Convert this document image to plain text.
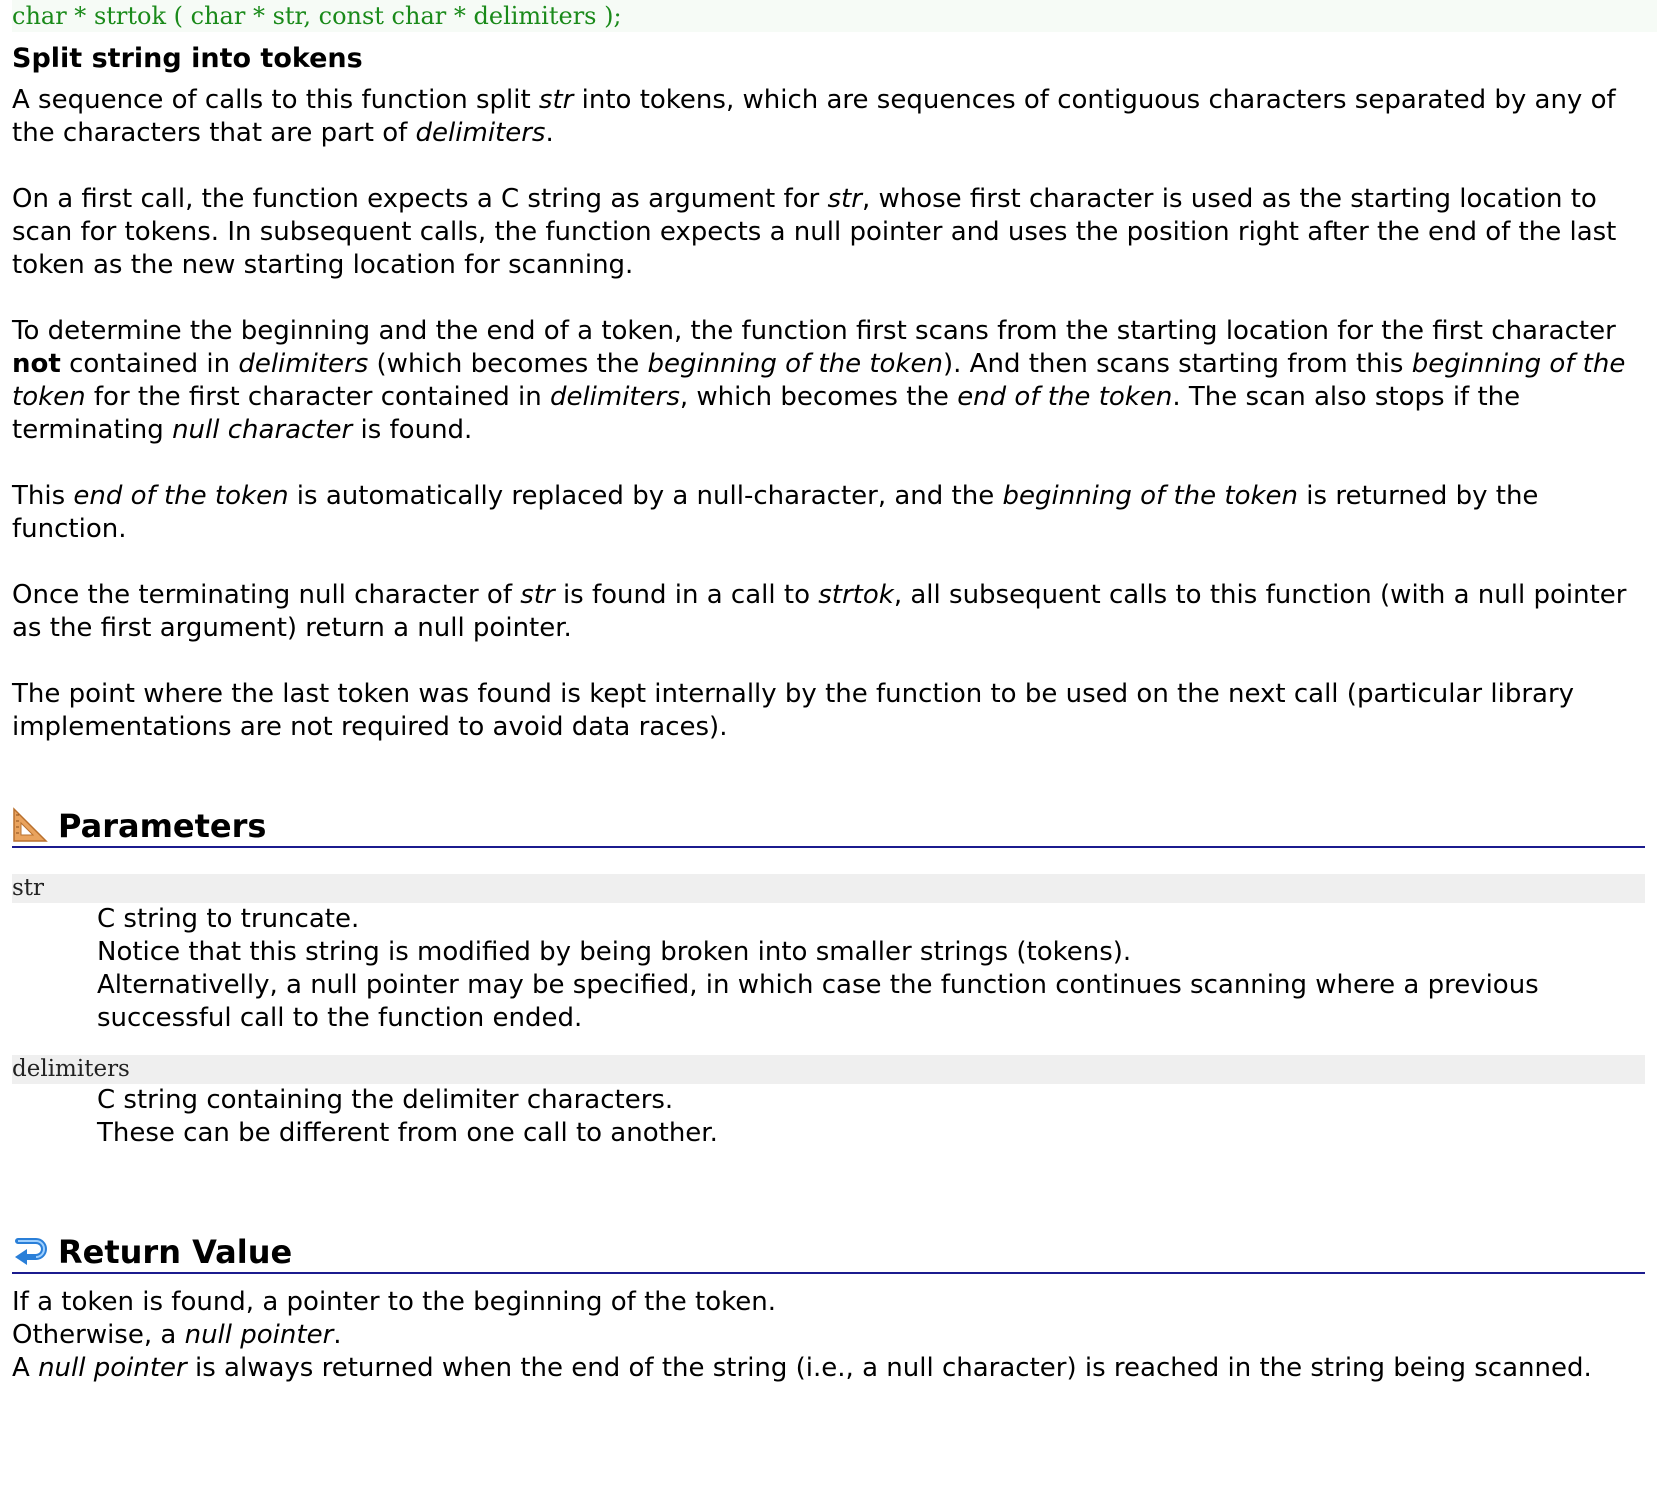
char * strtok ( char * str, const char * delimiters );
Split string into tokens

A sequence of calls to this function split str into tokens, which are sequences of contiguous characters separated by any of the characters that are part of delimiters.

On a first call, the function expects a C string as argument for str, whose first character is used as the starting location to scan for tokens. In subsequent calls, the function expects a null pointer and uses the position right after the end of the last token as the new starting location for scanning.

To determine the beginning and the end of a token, the function first scans from the starting location for the first character not contained in delimiters (which becomes the beginning of the token). And then scans starting from this beginning of the token for the first character contained in delimiters, which becomes the end of the token. The scan also stops if the terminating null character is found.

This end of the token is automatically replaced by a null-character, and the beginning of the token is returned by the function.

Once the terminating null character of str is found in a call to strtok, all subsequent calls to this function (with a null pointer as the first argument) return a null pointer.

The point where the last token was found is kept internally by the function to be used on the next call (particular library implementations are not required to avoid data races).

Parameters
str
C string to truncate.
Notice that this string is modified by being broken into smaller strings (tokens).
Alternativelly, a null pointer may be specified, in which case the function continues scanning where a previous successful call to the function ended.
delimiters
C string containing the delimiter characters.
These can be different from one call to another.
Return Value
If a token is found, a pointer to the beginning of the token.
Otherwise, a null pointer.
A null pointer is always returned when the end of the string (i.e., a null character) is reached in the string being scanned.
